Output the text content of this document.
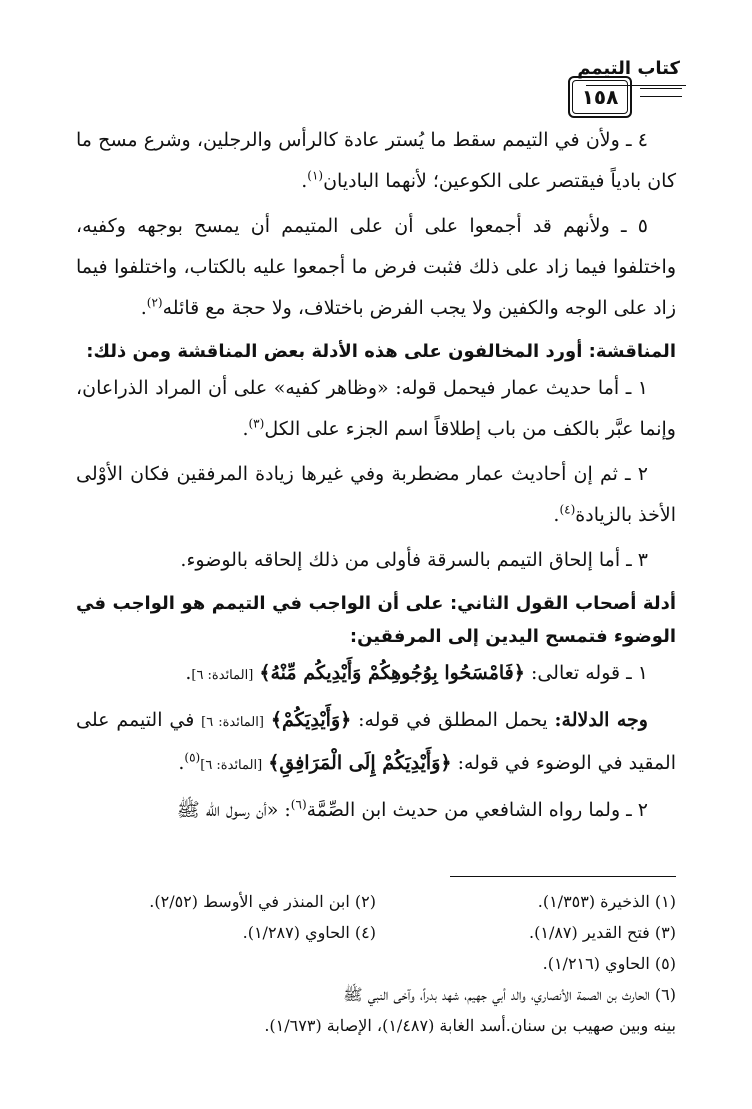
كتاب التيمم
١٥٨

٤ ـ ولأن في التيمم سقط ما يُستر عادة كالرأس والرجلين، وشرع مسح ما كان بادياً فيقتصر على الكوعين؛ لأنهما الباديان$^{(١)}$.

٥ ـ ولأنهم قد أجمعوا على أن على المتيمم أن يمسح بوجهه وكفيه، واختلفوا فيما زاد على ذلك فثبت فرض ما أجمعوا عليه بالكتاب، واختلفوا فيما زاد على الوجه والكفين ولا يجب الفرض باختلاف، ولا حجة مع قائله$^{(٢)}$.

المناقشة: أورد المخالفون على هذه الأدلة بعض المناقشة ومن ذلك:

١ ـ أما حديث عمار فيحمل قوله: «وظاهر كفيه» على أن المراد الذراعان، وإنما عبَّر بالكف من باب إطلاقاً اسم الجزء على الكل$^{(٣)}$.

٢ ـ ثم إن أحاديث عمار مضطربة وفي غيرها زيادة المرفقين فكان الأوْلى الأخذ بالزيادة$^{(٤)}$.

٣ ـ أما إلحاق التيمم بالسرقة فأولى من ذلك إلحاقه بالوضوء.

أدلة أصحاب القول الثاني: على أن الواجب في التيمم هو الواجب في الوضوء فتمسح اليدين إلى المرفقين:

١ ـ قوله تعالى: ﴿فَامْسَحُوا بِوُجُوهِكُمْ وَأَيْدِيكُم مِّنْهُ﴾ [المائدة: ٦].

وجه الدلالة: يحمل المطلق في قوله: ﴿وَأَيْدِيَكُمْ﴾ [المائدة: ٦] في التيمم على المقيد في الوضوء في قوله: ﴿وَأَيْدِيَكُمْ إِلَى الْمَرَافِقِ﴾ [المائدة: ٦]$^{(٥)}$.

٢ ـ ولما رواه الشافعي من حديث ابن الصِّمَّة$^{(٦)}$: «أن رسول الله ﷺ

(١) الذخيرة (١/٣٥٣).
(٢) ابن المنذر في الأوسط (٢/٥٢).
(٣) فتح القدير (١/٨٧).
(٤) الحاوي (١/٢٨٧).
(٥) الحاوي (١/٢١٦).
(٦) الحارث بن الصمة الأنصاري، والد أبي جهيم، شهد بدراً، وآخى النبي ﷺ
بينه وبين صهيب بن سنان.أسد الغابة (١/٤٨٧)، الإصابة (١/٦٧٣).
